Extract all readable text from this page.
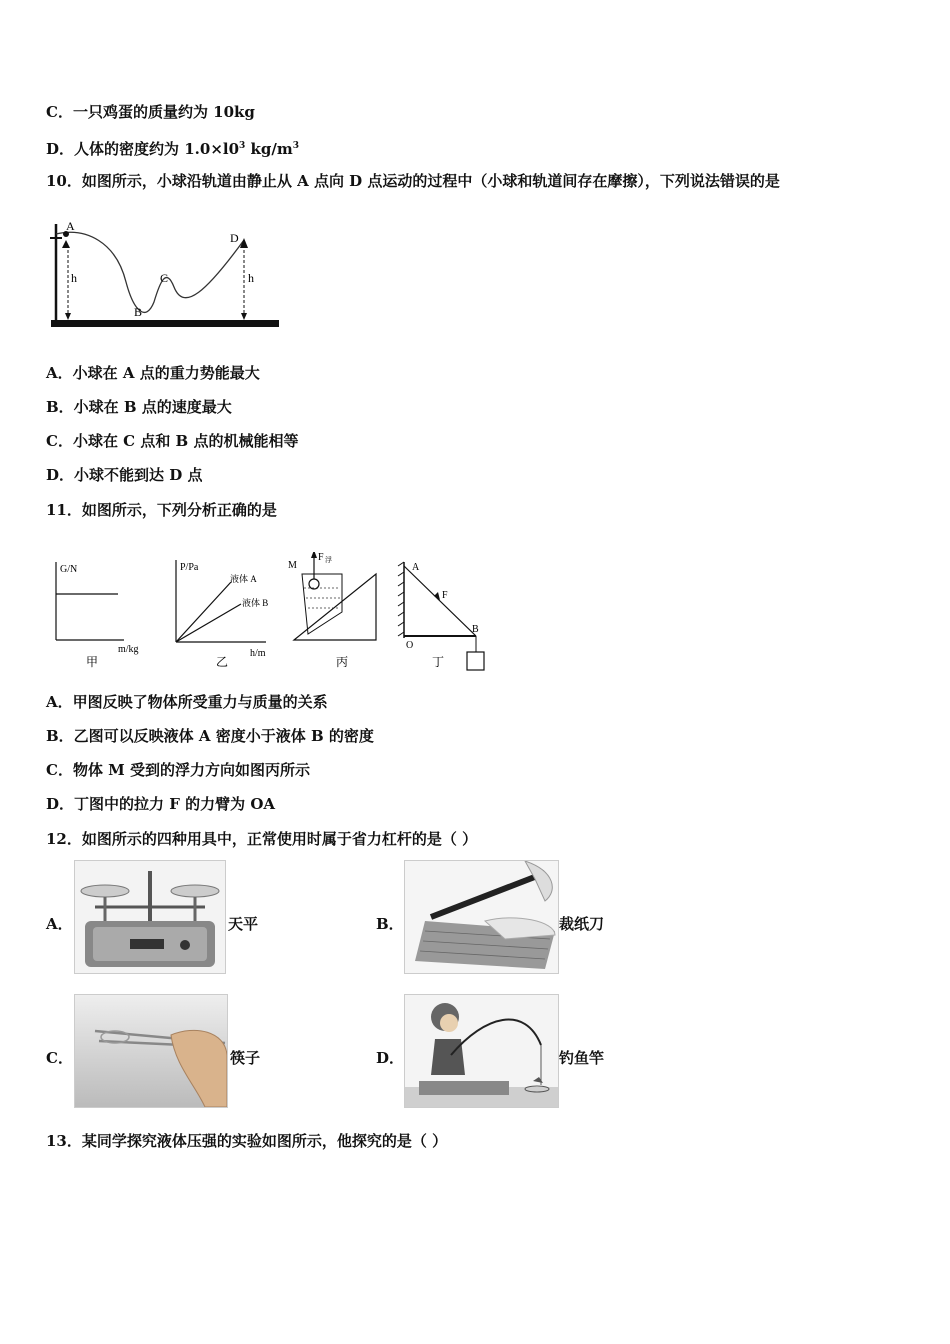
C．一只鸡蛋的质量约为 10kg
D．人体的密度约为 $1.0\times l0^3$ $kg/m^3$
10．如图所示，小球沿轨道由静止从 A 点向 D 点运动的过程中（小球和轨道间存在摩擦），下列说法错误的是
A
B
C
D
h	h
A．小球在 A 点的重力势能最大
B．小球在 B 点的速度最大
C．小球在 C 点和 B 点的机械能相等
D．小球不能到达 D 点
11．如图所示，下列分析正确的是
G/N
m/kg
甲
P/Pa
液体 A
液体 B
h/m
乙
F 浮
M
丙
A
F
B
O
丁
A．甲图反映了物体所受重力与质量的关系
B．乙图可以反映液体 A 密度小于液体 B 的密度
C．物体 M 受到的浮力方向如图丙所示
D．丁图中的拉力 F 的力臂为 OA
12．如图所示的四种用具中，正常使用时属于省力杠杆的是（ ）
A．	天平	B．	裁纸刀
C．	筷子	D．	钓鱼竿
13．某同学探究液体压强的实验如图所示，他探究的是（ ）
